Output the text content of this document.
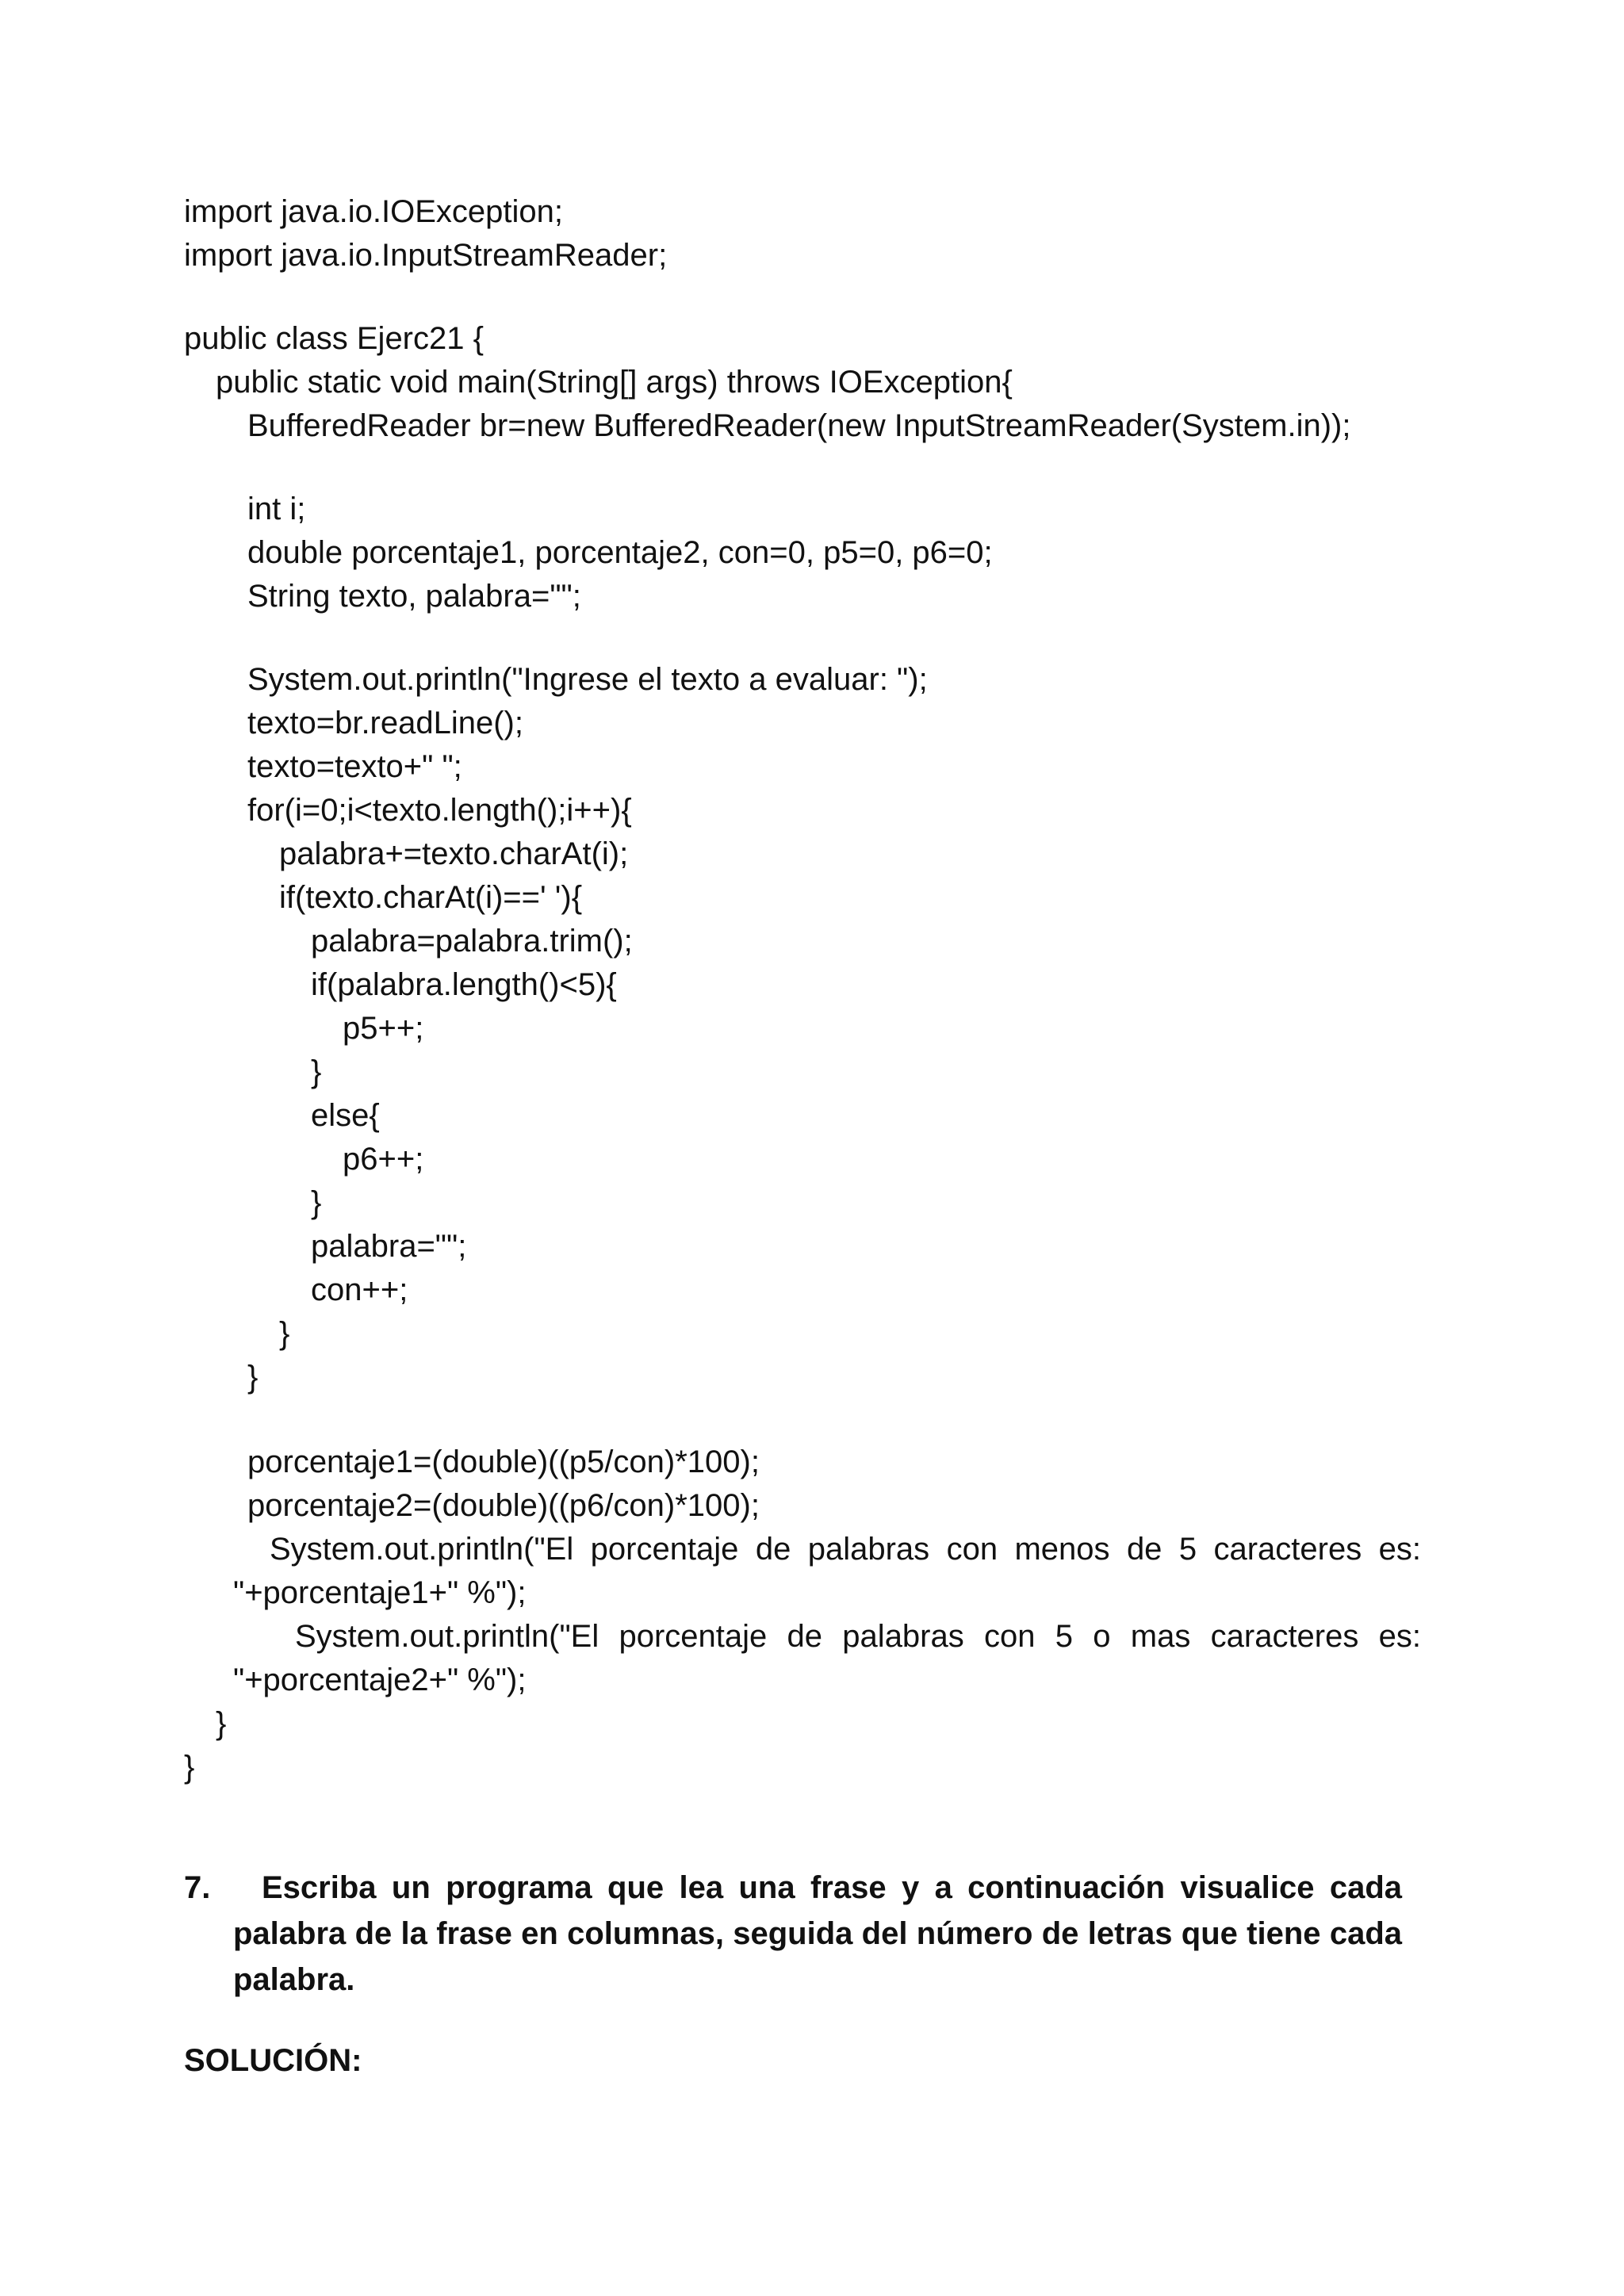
import java.io.IOException;
import java.io.InputStreamReader;
public class Ejerc21 {
public static void main(String[] args) throws IOException{
BufferedReader br=new BufferedReader(new InputStreamReader(System.in));
int i;
double porcentaje1, porcentaje2, con=0, p5=0, p6=0;
String texto, palabra="";
System.out.println("Ingrese el texto a evaluar: ");
texto=br.readLine();
texto=texto+" ";
for(i=0;i<texto.length();i++){
palabra+=texto.charAt(i);
if(texto.charAt(i)==' '){
palabra=palabra.trim();
if(palabra.length()<5){
p5++;
}
else{
p6++;
}
palabra="";
con++;
}
}
porcentaje1=(double)((p5/con)*100);
porcentaje2=(double)((p6/con)*100);
System.out.println("El porcentaje de palabras con menos de 5 caracteres es:
"+porcentaje1+" %");
System.out.println("El porcentaje de palabras con 5 o mas caracteres es:
"+porcentaje2+" %");
}
}
7.	Escriba un programa que lea una frase y a continuación visualice cada palabra de la frase en columnas, seguida del número de letras que tiene cada palabra.
SOLUCIÓN:
